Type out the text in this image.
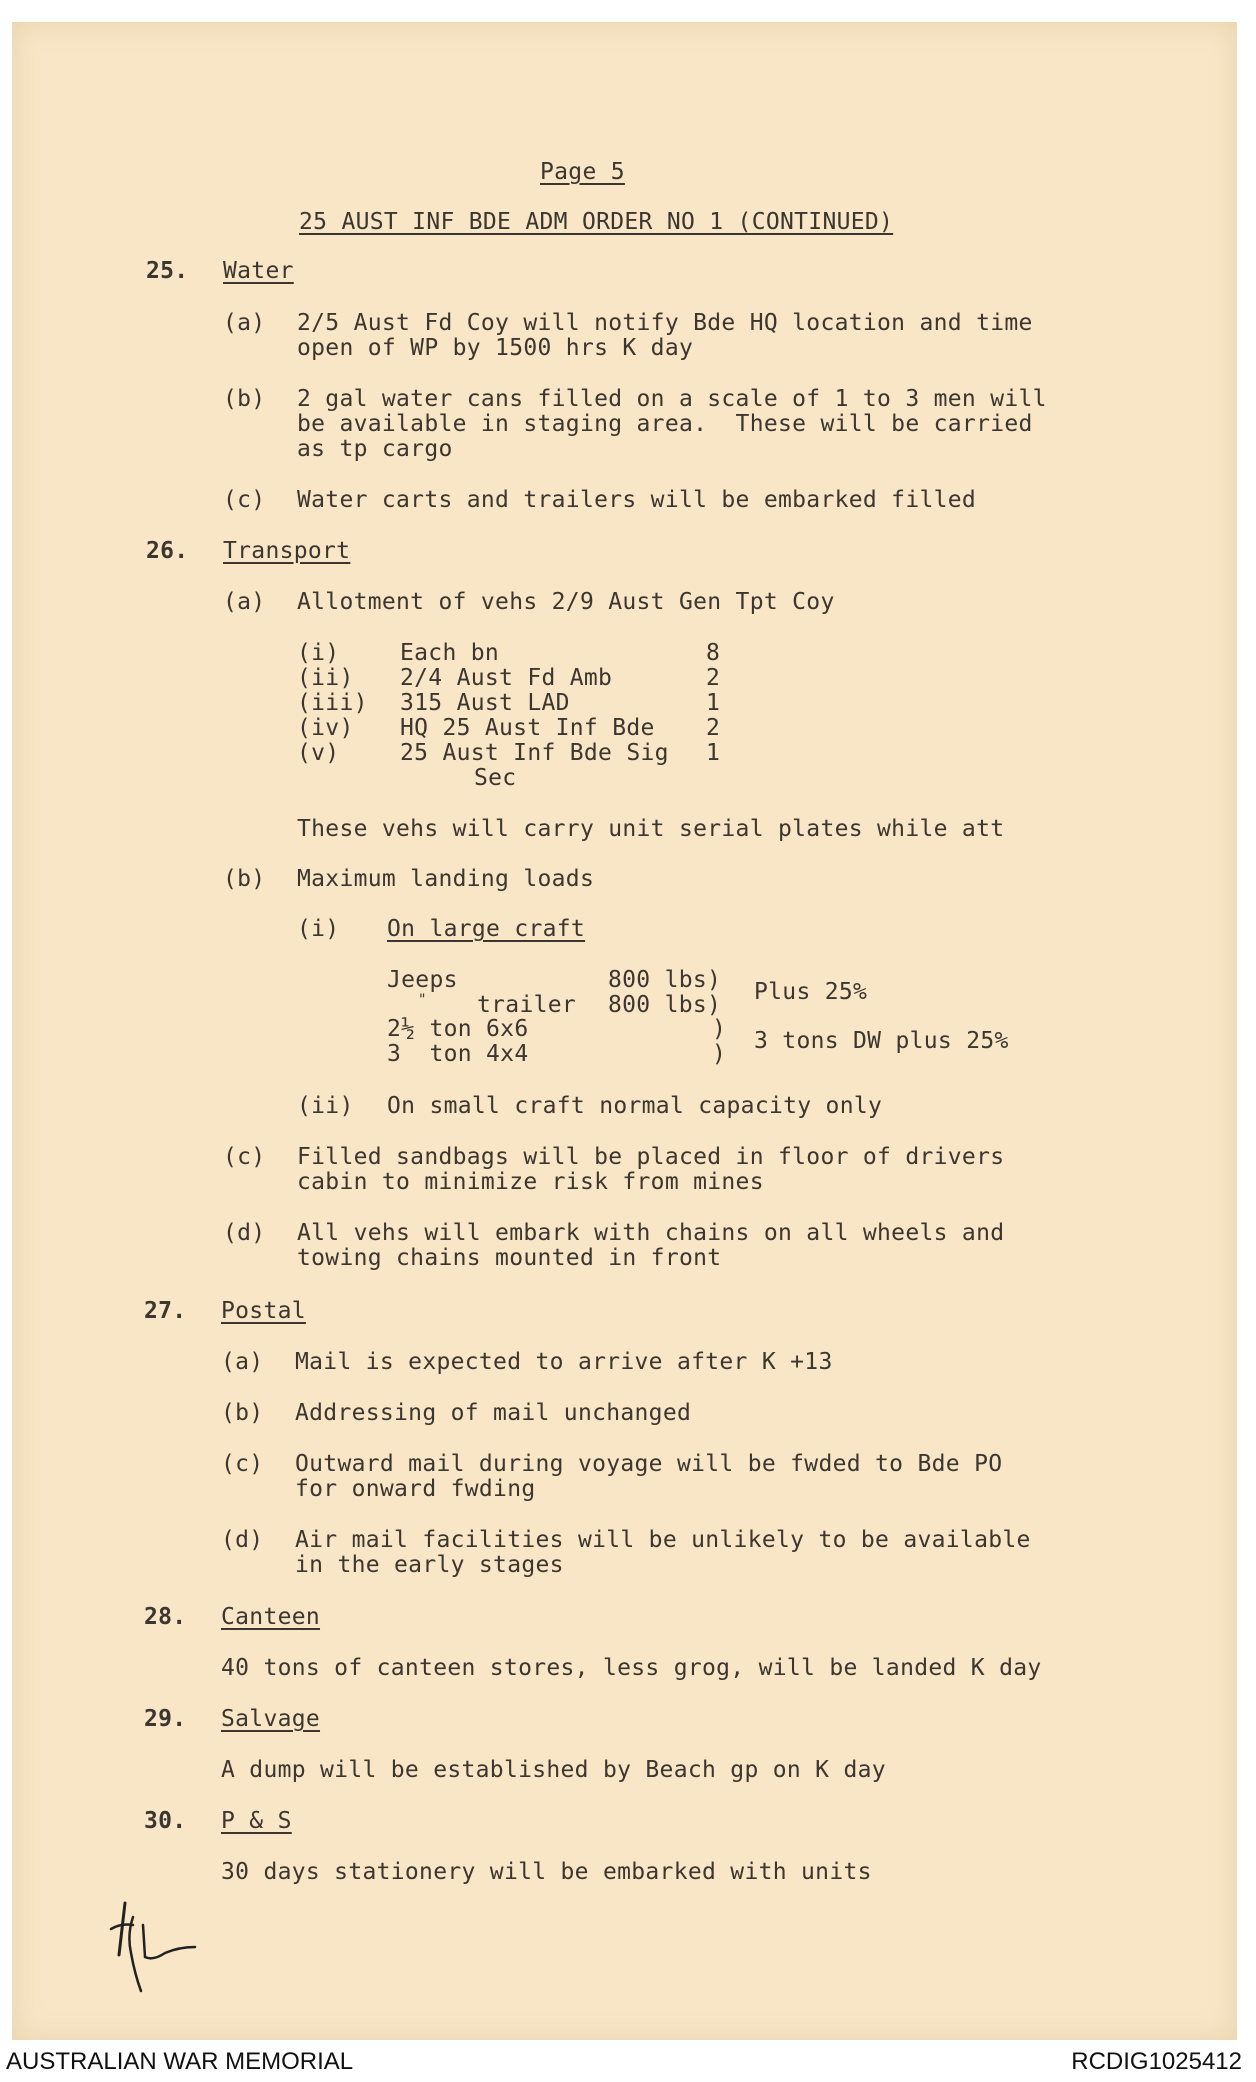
Page 5
25 AUST INF BDE ADM ORDER NO 1 (CONTINUED)
25. Water
(a) 2/5 Aust Fd Coy will notify Bde HQ location and time
open of WP by 1500 hrs K day
(b) 2 gal water cans filled on a scale of 1 to 3 men will
be available in staging area.  These will be carried
as tp cargo
(c) Water carts and trailers will be embarked filled
26. Transport
(a) Allotment of vehs 2/9 Aust Gen Tpt Coy
(i)	Each bn	8
(ii) 2/4 Aust Fd Amb	2
(iii) 315 Aust LAD	1
(iv) HQ 25 Aust Inf Bde 2
(v)	25 Aust Inf Bde Sig 1
Sec
These vehs will carry unit serial plates while att
(b) Maximum landing loads
(i) On large craft
Jeeps	800 lbs)
" trailer 800 lbs) Plus 25%
2½ ton 6x6	)
3  ton 4x4	) 3 tons DW plus 25%
(ii) On small craft normal capacity only
(c) Filled sandbags will be placed in floor of drivers
cabin to minimize risk from mines
(d) All vehs will embark with chains on all wheels and
towing chains mounted in front
27. Postal
(a) Mail is expected to arrive after K +13
(b) Addressing of mail unchanged
(c) Outward mail during voyage will be fwded to Bde PO
for onward fwding
(d) Air mail facilities will be unlikely to be available
in the early stages
28. Canteen
40 tons of canteen stores, less grog, will be landed K day
29. Salvage
A dump will be established by Beach gp on K day
30. P & S
30 days stationery will be embarked with units
AUSTRALIAN WAR MEMORIAL	RCDIG1025412
